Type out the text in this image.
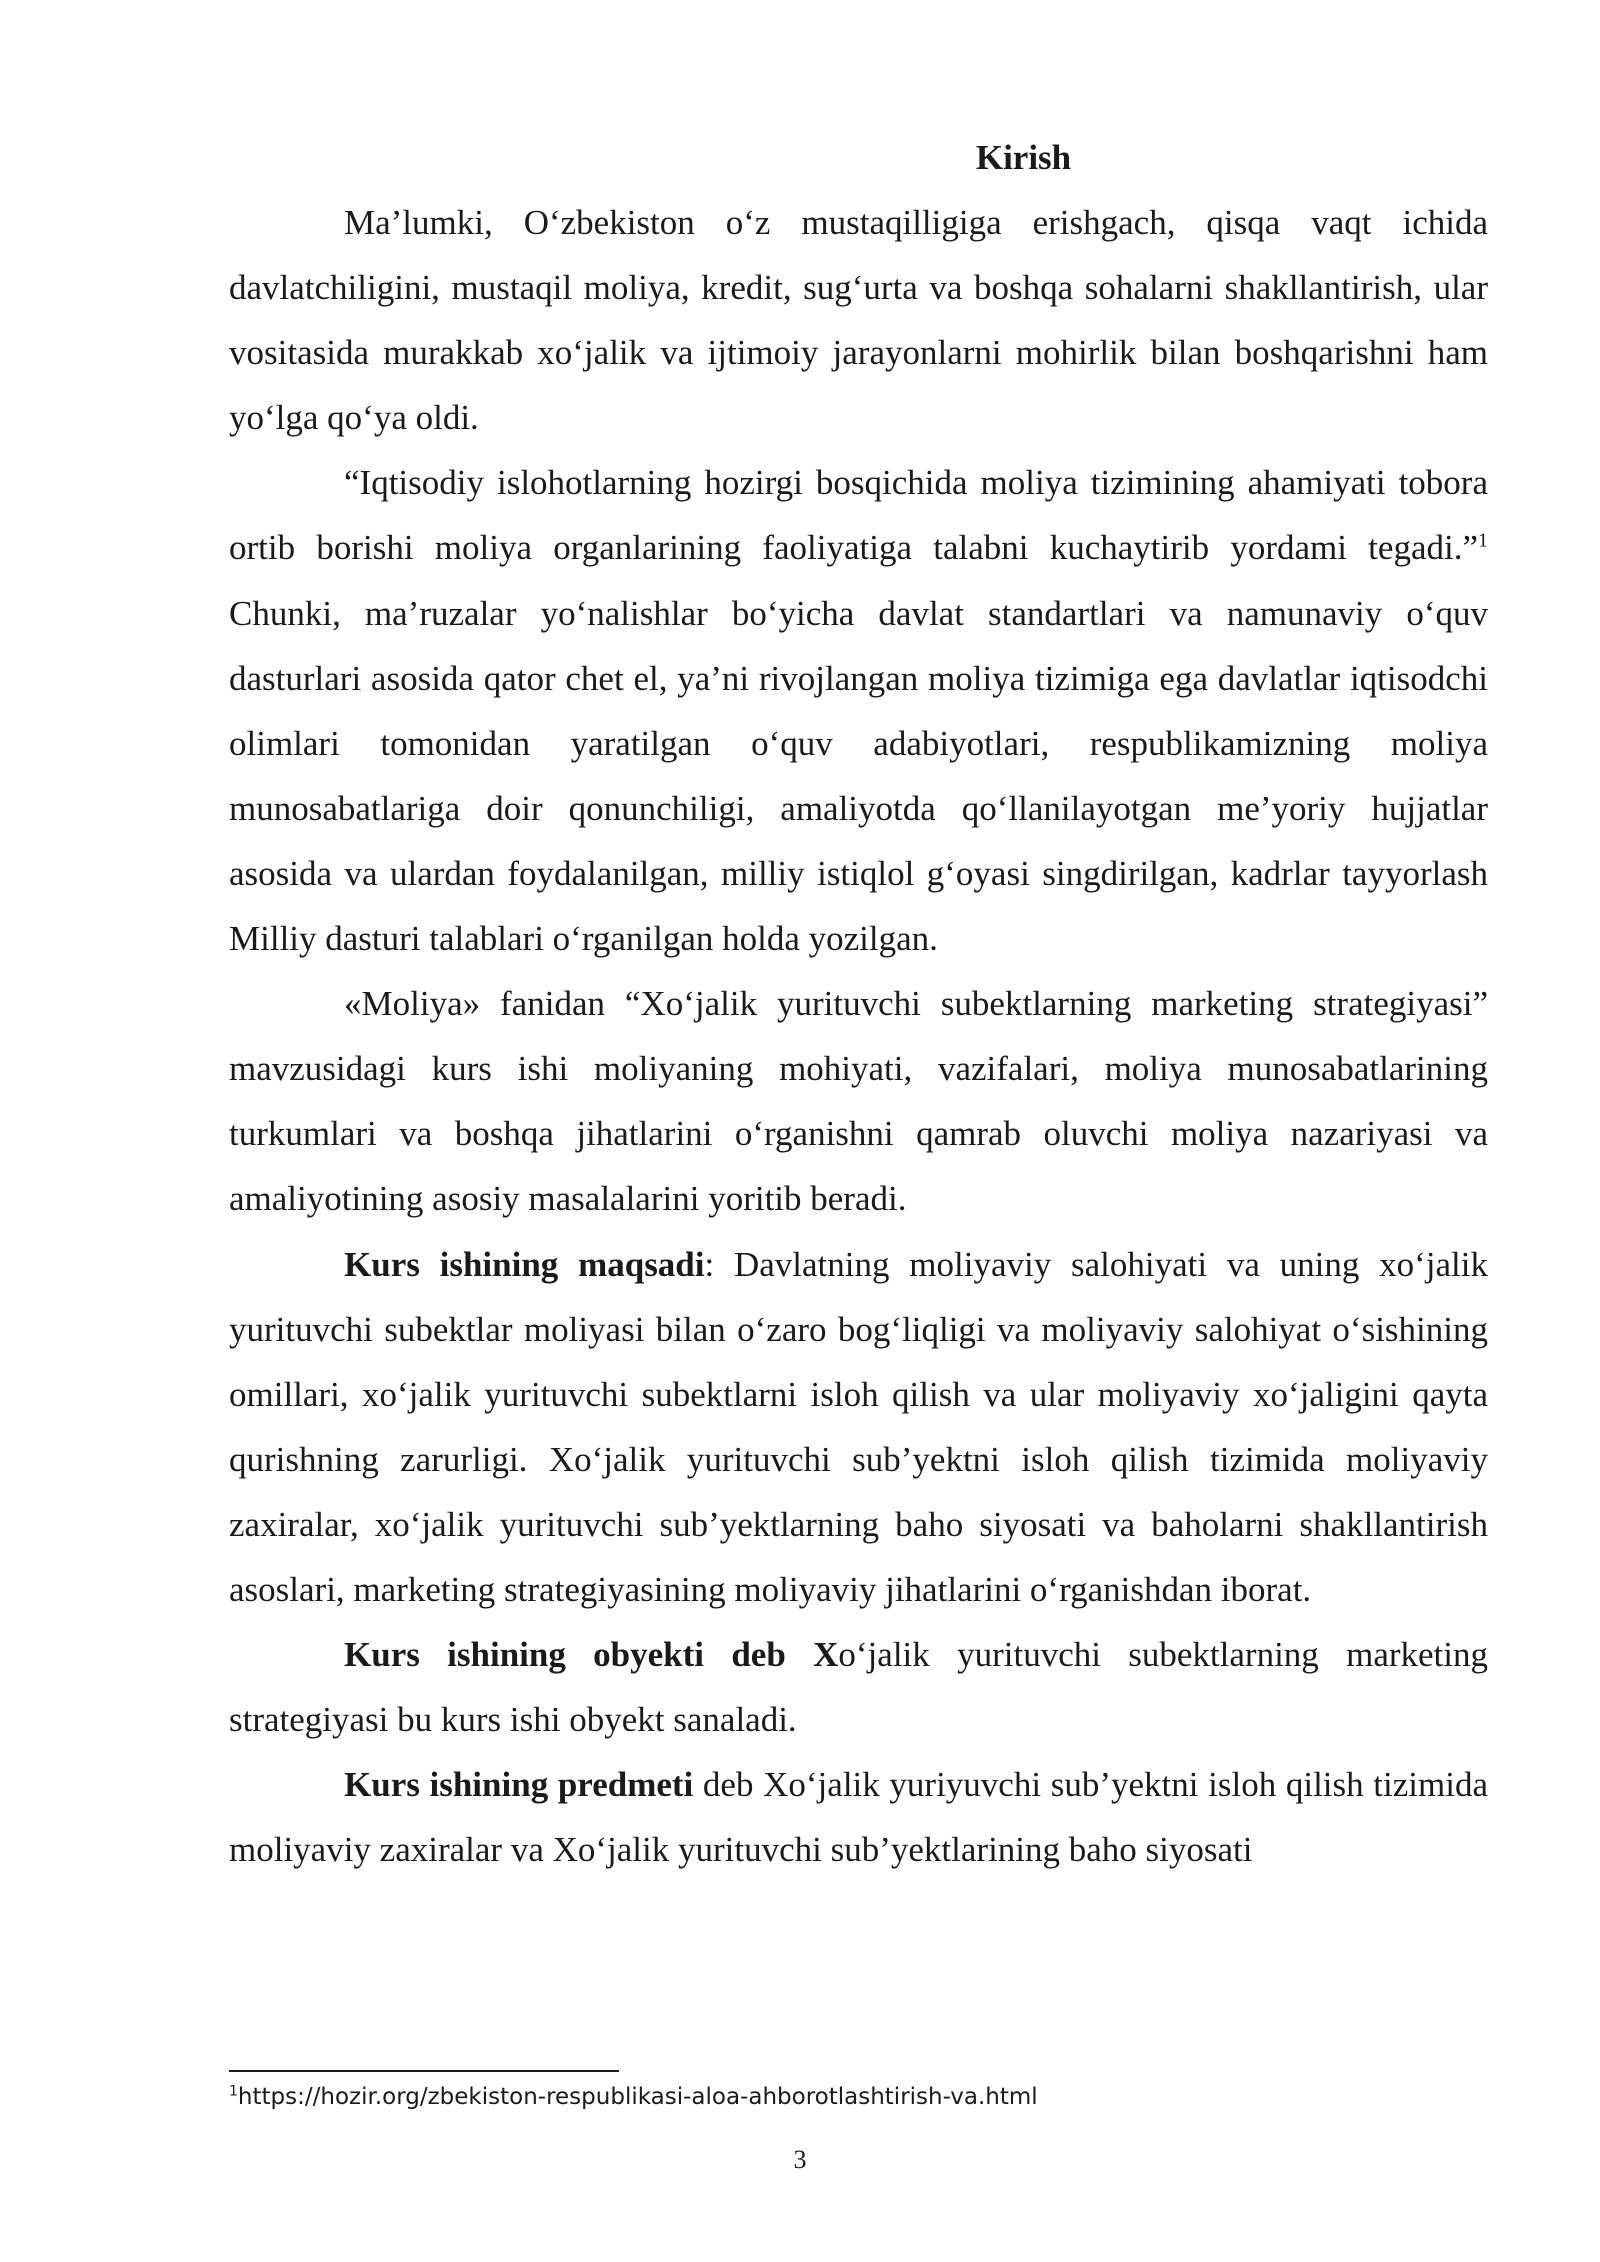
Kirish

Ma’lumki, O‘zbekiston o‘z mustaqilligiga erishgach, qisqa vaqt ichida davlatchiligini, mustaqil moliya, kredit, sug‘urta va boshqa sohalarni shakllantirish, ular vositasida murakkab xo‘jalik va ijtimoiy jarayonlarni mohirlik bilan boshqarishni ham yo‘lga qo‘ya oldi.

“Iqtisodiy islohotlarning hozirgi bosqichida moliya tizimining ahamiyati tobora ortib borishi moliya organlarining faoliyatiga talabni kuchaytirib yordami tegadi.”$^1$ Chunki, ma’ruzalar yo‘nalishlar bo‘yicha davlat standartlari va namunaviy o‘quv dasturlari asosida qator chet el, ya’ni rivojlangan moliya tizimiga ega davlatlar iqtisodchi olimlari tomonidan yaratilgan o‘quv adabiyotlari, respublikamizning moliya munosabatlariga doir qonunchiligi, amaliyotda qo‘llanilayotgan me’yoriy hujjatlar asosida va ulardan foydalanilgan, milliy istiqlol g‘oyasi singdirilgan, kadrlar tayyorlash Milliy dasturi talablari o‘rganilgan holda yozilgan.

«Moliya» fanidan “Xo‘jalik yurituvchi subektlarning marketing strategiyasi” mavzusidagi kurs ishi moliyaning mohiyati, vazifalari, moliya munosabatlarining turkumlari va boshqa jihatlarini o‘rganishni qamrab oluvchi moliya nazariyasi va amaliyotining asosiy masalalarini yoritib beradi.

Kurs ishining maqsadi: Davlatning moliyaviy salohiyati va uning xo‘jalik yurituvchi subektlar moliyasi bilan o‘zaro bog‘liqligi va moliyaviy salohiyat o‘sishining omillari, xo‘jalik yurituvchi subektlarni isloh qilish va ular moliyaviy xo‘jaligini qayta qurishning zarurligi. Xo‘jalik yurituvchi sub’yektni isloh qilish tizimida moliyaviy zaxiralar, xo‘jalik yurituvchi sub’yektlarning baho siyosati va baholarni shakllantirish asoslari, marketing strategiyasining moliyaviy jihatlarini o‘rganishdan iborat.

Kurs ishining obyekti deb Xo‘jalik yurituvchi subektlarning marketing strategiyasi bu kurs ishi obyekt sanaladi.

Kurs ishining predmeti deb Xo‘jalik yuriyuvchi sub’yektni isloh qilish tizimida moliyaviy zaxiralar va Xo‘jalik yurituvchi sub’yektlarining baho siyosati

$^1$https://hozir.org/zbekiston-respublikasi-aloa-ahborotlashtirish-va.html
3
